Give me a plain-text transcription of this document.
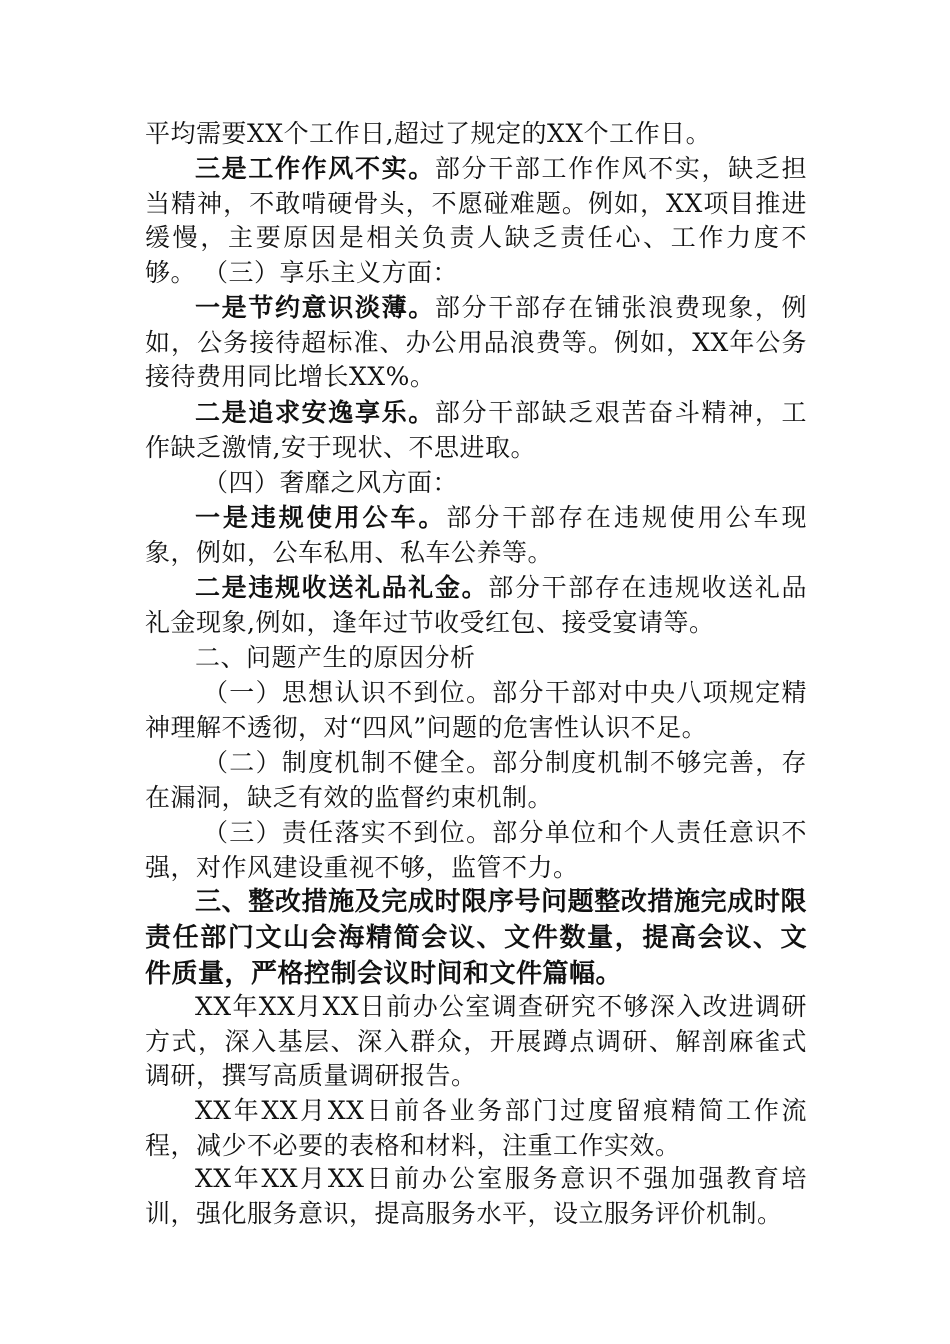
平均需要XX个工作日,超过了规定的XX个工作日。

三是工作作风不实。部分干部工作作风不实，缺乏担当精神，不敢啃硬骨头，不愿碰难题。例如，XX项目推进缓慢，主要原因是相关负责人缺乏责任心、工作力度不够。 （三）享乐主义方面：

一是节约意识淡薄。部分干部存在铺张浪费现象，例如，公务接待超标准、办公用品浪费等。例如，XX年公务接待费用同比增长XX%。

二是追求安逸享乐。部分干部缺乏艰苦奋斗精神，工作缺乏激情,安于现状、不思进取。

（四）奢靡之风方面：

一是违规使用公车。部分干部存在违规使用公车现象，例如，公车私用、私车公养等。

二是违规收送礼品礼金。部分干部存在违规收送礼品礼金现象,例如，逢年过节收受红包、接受宴请等。

二、问题产生的原因分析

（一）思想认识不到位。部分干部对中央八项规定精神理解不透彻，对“四风”问题的危害性认识不足。

（二）制度机制不健全。部分制度机制不够完善，存在漏洞，缺乏有效的监督约束机制。

（三）责任落实不到位。部分单位和个人责任意识不强，对作风建设重视不够，监管不力。

三、整改措施及完成时限序号问题整改措施完成时限责任部门文山会海精简会议、文件数量，提高会议、文件质量，严格控制会议时间和文件篇幅。

XX年XX月XX日前办公室调查研究不够深入改进调研方式，深入基层、深入群众，开展蹲点调研、解剖麻雀式调研，撰写高质量调研报告。

XX年XX月XX日前各业务部门过度留痕精简工作流程，减少不必要的表格和材料，注重工作实效。

XX年XX月XX日前办公室服务意识不强加强教育培训，强化服务意识，提高服务水平，设立服务评价机制。
